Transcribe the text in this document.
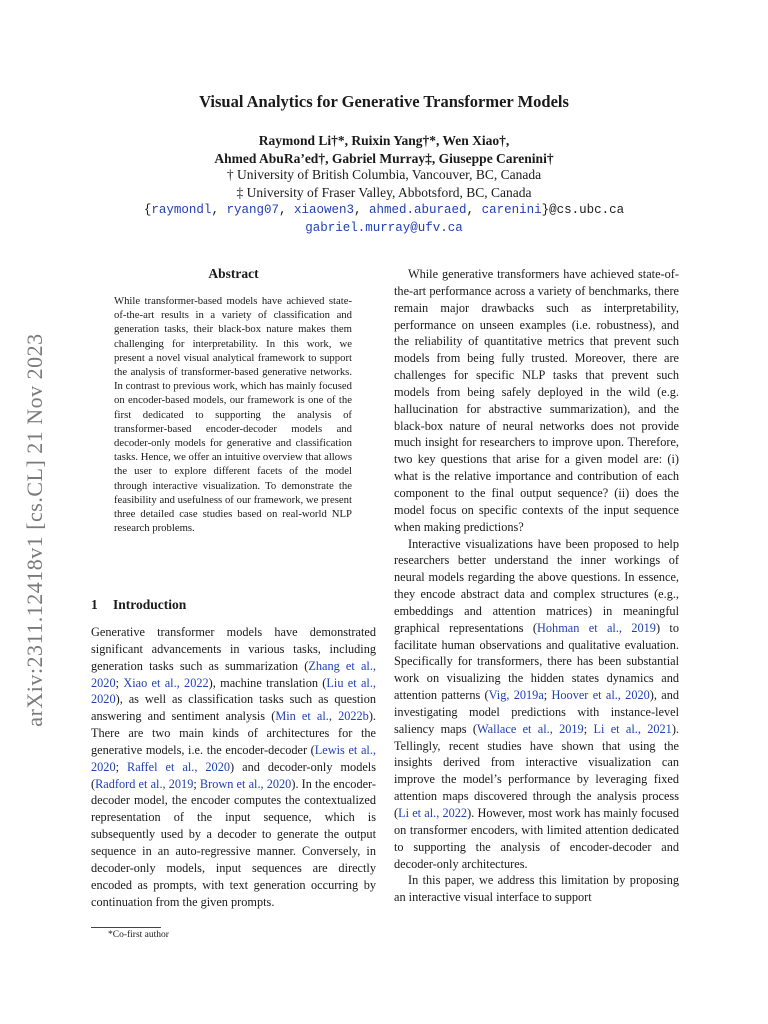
arXiv:2311.12418v1 [cs.CL] 21 Nov 2023
Visual Analytics for Generative Transformer Models
Raymond Li†*, Ruixin Yang†*, Wen Xiao†,
Ahmed AbuRa’ed†, Gabriel Murray‡, Giuseppe Carenini†
† University of British Columbia, Vancouver, BC, Canada
‡ University of Fraser Valley, Abbotsford, BC, Canada
{raymondl, ryang07, xiaowen3, ahmed.aburaed, carenini}@cs.ubc.ca
gabriel.murray@ufv.ca
Abstract
While transformer-based models have achieved state-of-the-art results in a variety of classification and generation tasks, their black-box nature makes them challenging for interpretability. In this work, we present a novel visual analytical framework to support the analysis of transformer-based generative networks. In contrast to previous work, which has mainly focused on encoder-based models, our framework is one of the first dedicated to supporting the analysis of transformer-based encoder-decoder models and decoder-only models for generative and classification tasks. Hence, we offer an intuitive overview that allows the user to explore different facets of the model through interactive visualization. To demonstrate the feasibility and usefulness of our framework, we present three detailed case studies based on real-world NLP research problems.
1 Introduction

Generative transformer models have demonstrated significant advancements in various tasks, including generation tasks such as summarization (Zhang et al., 2020; Xiao et al., 2022), machine translation (Liu et al., 2020), as well as classification tasks such as question answering and sentiment analysis (Min et al., 2022b). There are two main kinds of architectures for the generative models, i.e. the encoder-decoder (Lewis et al., 2020; Raffel et al., 2020) and decoder-only models (Radford et al., 2019; Brown et al., 2020). In the encoder-decoder model, the encoder computes the contextualized representation of the input sequence, which is subsequently used by a decoder to generate the output sequence in an auto-regressive manner. Conversely, in decoder-only models, input sequences are directly encoded as prompts, with text generation occurring by continuation from the given prompts.

*Co-first author

While generative transformers have achieved state-of-the-art performance across a variety of benchmarks, there remain major drawbacks such as interpretability, performance on unseen examples (i.e. robustness), and the reliability of quantitative metrics that prevent such models from being fully trusted. Moreover, there are challenges for specific NLP tasks that prevent such models from being safely deployed in the wild (e.g. hallucination for abstractive summarization), and the black-box nature of neural networks does not provide much insight for researchers to improve upon. Therefore, two key questions that arise for a given model are: (i) what is the relative importance and contribution of each component to the final output sequence? (ii) does the model focus on specific contexts of the input sequence when making predictions?

Interactive visualizations have been proposed to help researchers better understand the inner workings of neural models regarding the above questions. In essence, they encode abstract data and complex structures (e.g., embeddings and attention matrices) in meaningful graphical representations (Hohman et al., 2019) to facilitate human observations and qualitative evaluation. Specifically for transformers, there has been substantial work on visualizing the hidden states dynamics and attention patterns (Vig, 2019a; Hoover et al., 2020), and investigating model predictions with instance-level saliency maps (Wallace et al., 2019; Li et al., 2021). Tellingly, recent studies have shown that using the insights derived from interactive visualization can improve the model’s performance by leveraging fixed attention maps discovered through the analysis process (Li et al., 2022). However, most work has mainly focused on transformer encoders, with limited attention dedicated to supporting the analysis of encoder-decoder and decoder-only architectures.

In this paper, we address this limitation by proposing an interactive visual interface to support
